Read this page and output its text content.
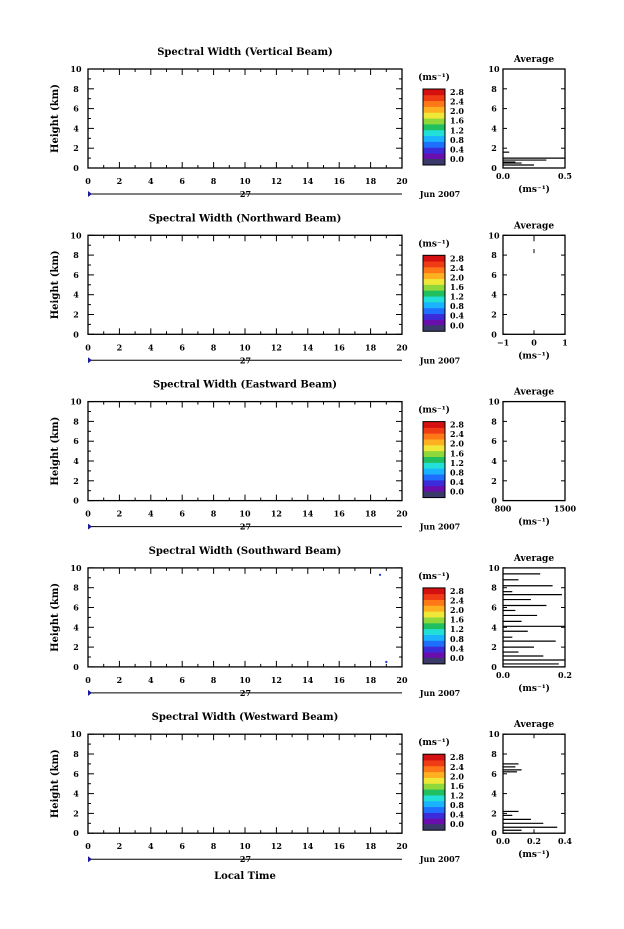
Spectral Width (Vertical Beam)
0
2
4
6
8
10
Height (km)
0	2	4	6	8	10	12	14	16	18	20
27	Jun 2007
(ms⁻¹)
0.0
0.4
0.8
1.2
1.6
2.0
2.4
2.8
Average
0
2
4
6
8
10
0.0	0.5
(ms⁻¹)
Spectral Width (Northward Beam)
0
2
4
6
8
10
Height (km)
0	2	4	6	8	10	12	14	16	18	20
27	Jun 2007
(ms⁻¹)
0.0
0.4
0.8
1.2
1.6
2.0
2.4
2.8
Average
0
2
4
6
8
10
−1	0	1
(ms⁻¹)
Spectral Width (Eastward Beam)
0
2
4
6
8
10
Height (km)
0	2	4	6	8	10	12	14	16	18	20
27	Jun 2007
(ms⁻¹)
0.0
0.4
0.8
1.2
1.6
2.0
2.4
2.8
Average
0
2
4
6
8
10
800	1500
(ms⁻¹)
Spectral Width (Southward Beam)
0
2
4
6
8
10
Height (km)
0	2	4	6	8	10	12	14	16	18	20
27	Jun 2007
(ms⁻¹)
0.0
0.4
0.8
1.2
1.6
2.0
2.4
2.8
Average
0
2
4
6
8
10
0.0	0.2
(ms⁻¹)
Spectral Width (Westward Beam)
0
2
4
6
8
10
Height (km)
0	2	4	6	8	10	12	14	16	18	20
27	Jun 2007
(ms⁻¹)
0.0
0.4
0.8
1.2
1.6
2.0
2.4
2.8
Average
0
2
4
6
8
10
0.0 0.2 0.4
(ms⁻¹)
Local Time
